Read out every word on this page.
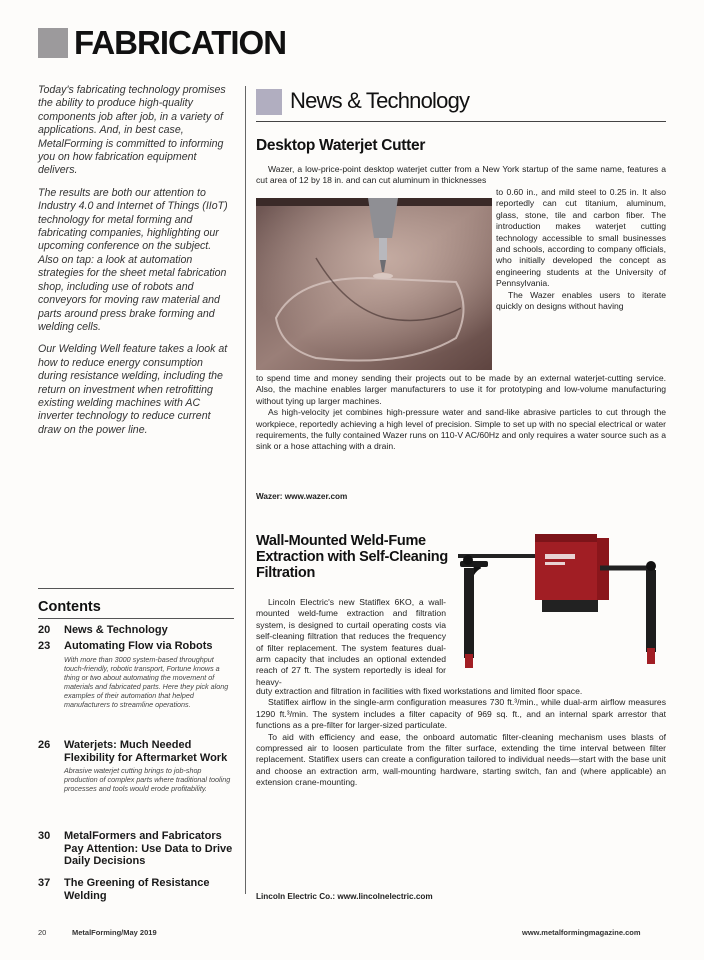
FABRICATION

Today's fabricating technology promises the ability to produce high-quality components job after job, in a variety of applications. And, in best case, MetalForming is committed to informing you on how fabrication equipment delivers.

The results are both our attention to Industry 4.0 and Internet of Things (IIoT) technology for metal forming and fabricating companies, highlighting our upcoming conference on the subject. Also on tap: a look at automation strategies for the sheet metal fabrication shop, including use of robots and conveyors for moving raw material and parts around press brake forming and welding cells.

Our Welding Well feature takes a look at how to reduce energy consumption during resistance welding, including the return on investment when retrofitting existing welding machines with AC inverter technology to reduce current draw on the power line.

Contents
20 News & Technology
23 Automating Flow via Robots
With more than 3000 system-based throughput touch-friendly, robotic transport, Fortune knows a thing or two about automating the movement of materials and fabricated parts. Here they pick along examples of their automation that helped manufacturers to streamline operations.
26 Waterjets: Much Needed Flexibility for Aftermarket Work
Abrasive waterjet cutting brings to job-shop production of complex parts where traditional tooling processes and tools would erode profitability.
30 MetalFormers and Fabricators Pay Attention: Use Data to Drive Daily Decisions
37 The Greening of Resistance Welding
News & Technology
Desktop Waterjet Cutter

Wazer, a low-price-point desktop waterjet cutter from a New York startup of the same name, features a cut area of 12 by 18 in. and can cut aluminum in thicknesses

to 0.60 in., and mild steel to 0.25 in. It also reportedly can cut titanium, aluminum, glass, stone, tile and carbon fiber. The introduction makes waterjet cutting technology accessible to small businesses and schools, according to company officials, who initially developed the concept as engineering students at the University of Pennsylvania.

The Wazer enables users to iterate quickly on designs without having

to spend time and money sending their projects out to be made by an external waterjet-cutting service. Also, the machine enables larger manufacturers to use it for prototyping and low-volume manufacturing without tying up larger machines.

As high-velocity jet combines high-pressure water and sand-like abrasive particles to cut through the workpiece, reportedly achieving a high level of precision. Simple to set up with no special electrical or water requirements, the fully contained Wazer runs on 110-V AC/60Hz and only requires a water source such as a sink or a hose attaching with a drain.

Wazer: www.wazer.com
Wall-Mounted Weld-Fume Extraction with Self-Cleaning Filtration

Lincoln Electric's new Statiflex 6KO, a wall-mounted weld-fume extraction and filtration system, is designed to curtail operating costs via self-cleaning filtration that reduces the frequency of filter replacement. The system features dual-arm capacity that includes an optional extended reach of 27 ft. The system reportedly is ideal for heavy-

duty extraction and filtration in facilities with fixed workstations and limited floor space.

Statiflex airflow in the single-arm configuration measures 730 ft.³/min., while dual-arm airflow measures 1290 ft.³/min. The system includes a filter capacity of 969 sq. ft., and an internal spark arrestor that functions as a pre-filter for larger-sized particulate.

To aid with efficiency and ease, the onboard automatic filter-cleaning mechanism uses blasts of compressed air to loosen particulate from the filter surface, extending the time interval between filter replacement. Statiflex users can create a configuration tailored to individual needs—start with the base unit and choose an extraction arm, wall-mounting hardware, starting switch, fan and (where applicable) an extension crane-mounting.

Lincoln Electric Co.: www.lincolnelectric.com
20	MetalForming/May 2019	www.metalformingmagazine.com
